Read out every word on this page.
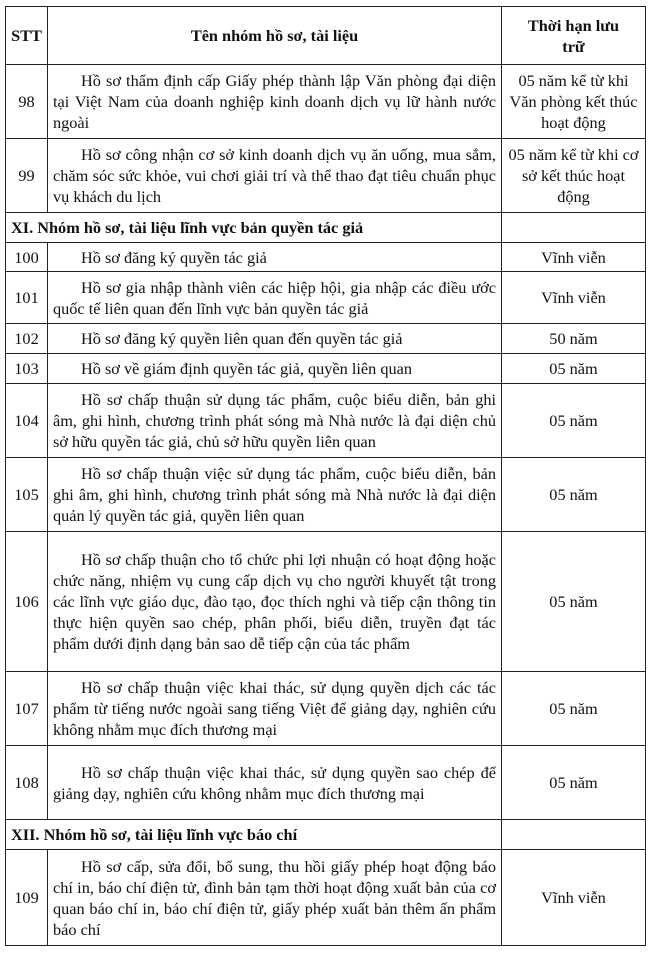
STT	Tên nhóm hồ sơ, tài liệu	Thời hạn lưu trữ
98	Hồ sơ thẩm định cấp Giấy phép thành lập Văn phòng đại diện tại Việt Nam của doanh nghiệp kinh doanh dịch vụ lữ hành nước ngoài	05 năm kể từ khi Văn phòng kết thúc hoạt động
99	Hồ sơ công nhận cơ sở kinh doanh dịch vụ ăn uống, mua sắm, chăm sóc sức khỏe, vui chơi giải trí và thể thao đạt tiêu chuẩn phục vụ khách du lịch	05 năm kể từ khi cơ sở kết thúc hoạt động
XI. Nhóm hồ sơ, tài liệu lĩnh vực bản quyền tác giả		
100	Hồ sơ đăng ký quyền tác giả	Vĩnh viễn
101	Hồ sơ gia nhập thành viên các hiệp hội, gia nhập các điều ước quốc tế liên quan đến lĩnh vực bản quyền tác giả	Vĩnh viễn
102	Hồ sơ đăng ký quyền liên quan đến quyền tác giả	50 năm
103	Hồ sơ về giám định quyền tác giả, quyền liên quan	05 năm
104	Hồ sơ chấp thuận sử dụng tác phẩm, cuộc biểu diễn, bản ghi âm, ghi hình, chương trình phát sóng mà Nhà nước là đại diện chủ sở hữu quyền tác giả, chủ sở hữu quyền liên quan	05 năm
105	Hồ sơ chấp thuận việc sử dụng tác phẩm, cuộc biểu diễn, bản ghi âm, ghi hình, chương trình phát sóng mà Nhà nước là đại diện quản lý quyền tác giả, quyền liên quan	05 năm
106	Hồ sơ chấp thuận cho tổ chức phi lợi nhuận có hoạt động hoặc chức năng, nhiệm vụ cung cấp dịch vụ cho người khuyết tật trong các lĩnh vực giáo dục, đào tạo, đọc thích nghi và tiếp cận thông tin thực hiện quyền sao chép, phân phối, biểu diễn, truyền đạt tác phẩm dưới định dạng bản sao dễ tiếp cận của tác phẩm	05 năm
107	Hồ sơ chấp thuận việc khai thác, sử dụng quyền dịch các tác phẩm từ tiếng nước ngoài sang tiếng Việt để giảng dạy, nghiên cứu không nhằm mục đích thương mại	05 năm
108	Hồ sơ chấp thuận việc khai thác, sử dụng quyền sao chép để giảng dạy, nghiên cứu không nhằm mục đích thương mại	05 năm
XII. Nhóm hồ sơ, tài liệu lĩnh vực báo chí		
109	Hồ sơ cấp, sửa đổi, bổ sung, thu hồi giấy phép hoạt động báo chí in, báo chí điện tử, đình bản tạm thời hoạt động xuất bản của cơ quan báo chí in, báo chí điện tử, giấy phép xuất bản thêm ấn phẩm báo chí	Vĩnh viễn
